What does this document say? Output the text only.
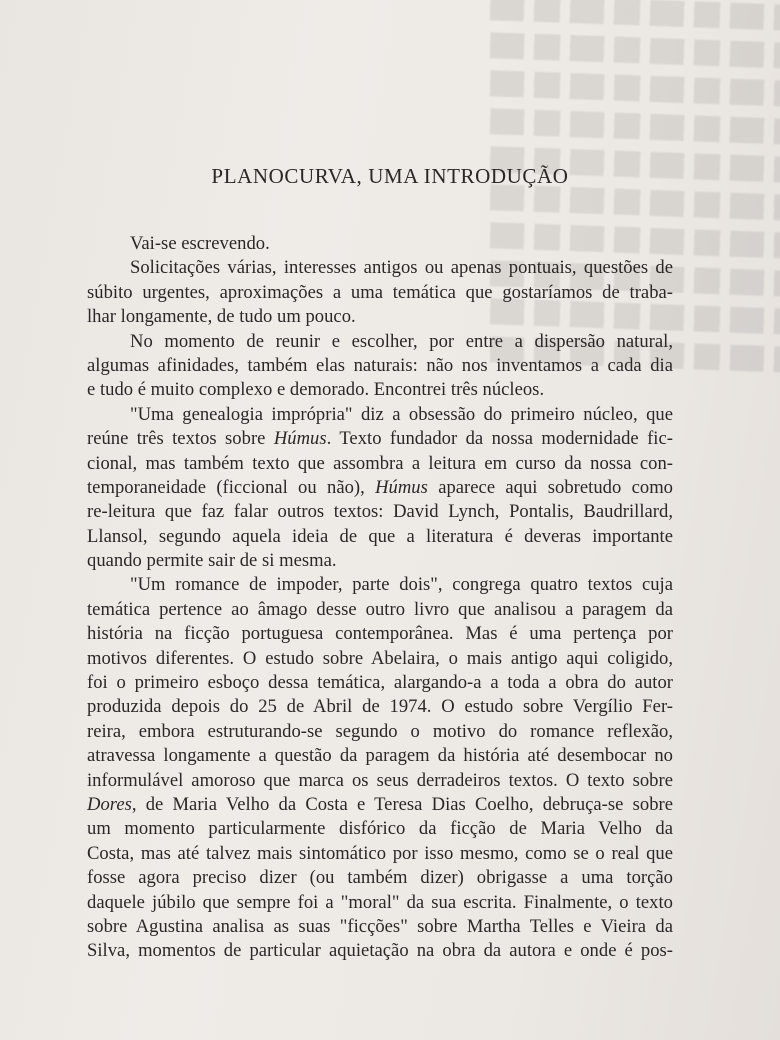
PLANOCURVA, UMA INTRODUÇÃO
Vai-se escrevendo.
Solicitações várias, interesses antigos ou apenas pontuais, questões de
súbito urgentes, aproximações a uma temática que gostaríamos de traba-
lhar longamente, de tudo um pouco.
No momento de reunir e escolher, por entre a dispersão natural,
algumas afinidades, também elas naturais: não nos inventamos a cada dia
e tudo é muito complexo e demorado. Encontrei três núcleos.
"Uma genealogia imprópria" diz a obsessão do primeiro núcleo, que
reúne três textos sobre Húmus. Texto fundador da nossa modernidade fic-
cional, mas também texto que assombra a leitura em curso da nossa con-
temporaneidade (ficcional ou não), Húmus aparece aqui sobretudo como
re-leitura que faz falar outros textos: David Lynch, Pontalis, Baudrillard,
Llansol, segundo aquela ideia de que a literatura é deveras importante
quando permite sair de si mesma.
"Um romance de impoder, parte dois", congrega quatro textos cuja
temática pertence ao âmago desse outro livro que analisou a paragem da
história na ficção portuguesa contemporânea. Mas é uma pertença por
motivos diferentes. O estudo sobre Abelaira, o mais antigo aqui coligido,
foi o primeiro esboço dessa temática, alargando-a a toda a obra do autor
produzida depois do 25 de Abril de 1974. O estudo sobre Vergílio Fer-
reira, embora estruturando-se segundo o motivo do romance reflexão,
atravessa longamente a questão da paragem da história até desembocar no
informulável amoroso que marca os seus derradeiros textos. O texto sobre
Dores, de Maria Velho da Costa e Teresa Dias Coelho, debruça-se sobre
um momento particularmente disfórico da ficção de Maria Velho da
Costa, mas até talvez mais sintomático por isso mesmo, como se o real que
fosse agora preciso dizer (ou também dizer) obrigasse a uma torção
daquele júbilo que sempre foi a "moral" da sua escrita. Finalmente, o texto
sobre Agustina analisa as suas "ficções" sobre Martha Telles e Vieira da
Silva, momentos de particular aquietação na obra da autora e onde é pos-
